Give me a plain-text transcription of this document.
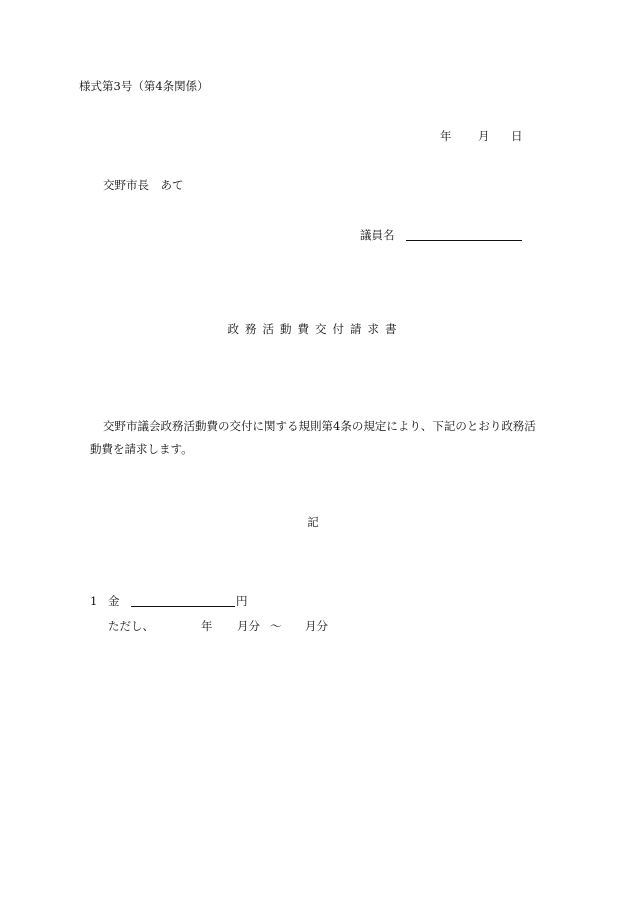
様式第3号（第4条関係）
年 月 日
交野市長　あて
議員名
政務活動費交付請求書
交野市議会政務活動費の交付に関する規則第4条の規定により、下記のとおり政務活
動費を請求します。
記
1 金	円
ただし、	年 月分 ～ 月分
